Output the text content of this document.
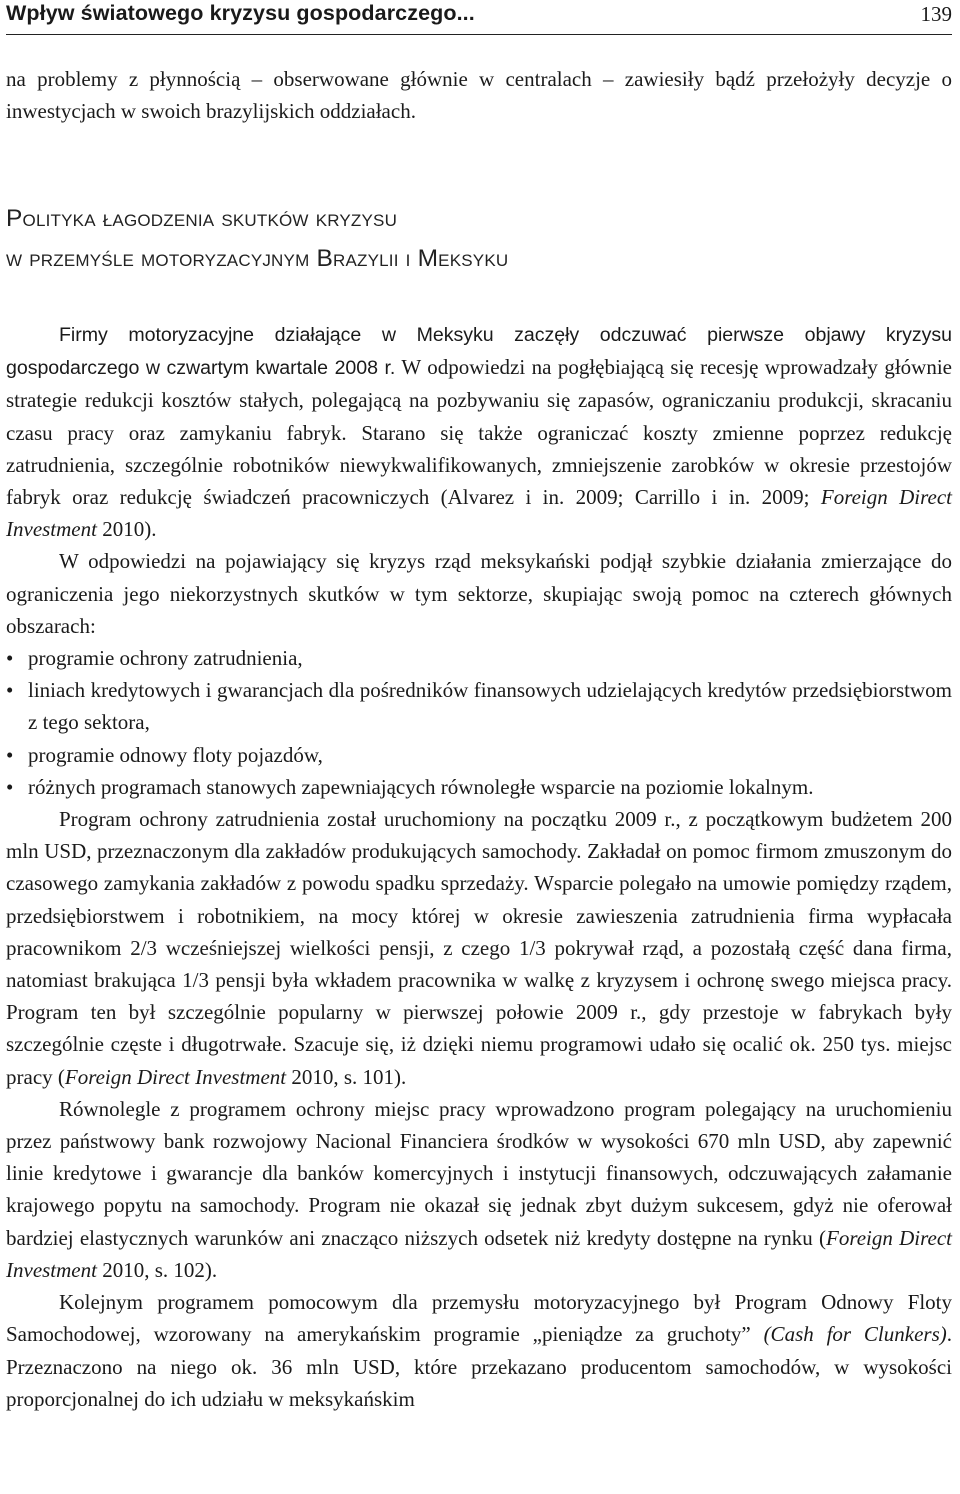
Wpływ światowego kryzysu gospodarczego...	139

na problemy z płynnością – obserwowane głównie w centralach – zawiesiły bądź przełożyły decyzje o inwestycjach w swoich brazylijskich oddziałach.

Polityka łagodzenia skutków kryzysu
w przemyśle motoryzacyjnym Brazylii i Meksyku

Firmy motoryzacyjne działające w Meksyku zaczęły odczuwać pierwsze objawy kryzysu gospodarczego w czwartym kwartale 2008 r. W odpowiedzi na pogłębiającą się recesję wprowadzały głównie strategie redukcji kosztów stałych, polegającą na pozbywaniu się zapasów, ograniczaniu produkcji, skracaniu czasu pracy oraz zamykaniu fabryk. Starano się także ograniczać koszty zmienne poprzez redukcję zatrudnienia, szczególnie robotników niewykwalifikowanych, zmniejszenie zarobków w okresie przestojów fabryk oraz redukcję świadczeń pracowniczych (Alvarez i in. 2009; Carrillo i in. 2009; Foreign Direct Investment 2010).

W odpowiedzi na pojawiający się kryzys rząd meksykański podjął szybkie działania zmierzające do ograniczenia jego niekorzystnych skutków w tym sektorze, skupiając swoją pomoc na czterech głównych obszarach:

• programie ochrony zatrudnienia,
• liniach kredytowych i gwarancjach dla pośredników finansowych udzielających kredytów przedsiębiorstwom z tego sektora,
• programie odnowy floty pojazdów,
• różnych programach stanowych zapewniających równoległe wsparcie na poziomie lokalnym.

Program ochrony zatrudnienia został uruchomiony na początku 2009 r., z początkowym budżetem 200 mln USD, przeznaczonym dla zakładów produkujących samochody. Zakładał on pomoc firmom zmuszonym do czasowego zamykania zakładów z powodu spadku sprzedaży. Wsparcie polegało na umowie pomiędzy rządem, przedsiębiorstwem i robotnikiem, na mocy której w okresie zawieszenia zatrudnienia firma wypłacała pracownikom 2/3 wcześniejszej wielkości pensji, z czego 1/3 pokrywał rząd, a pozostałą część dana firma, natomiast brakująca 1/3 pensji była wkładem pracownika w walkę z kryzysem i ochronę swego miejsca pracy. Program ten był szczególnie popularny w pierwszej połowie 2009 r., gdy przestoje w fabrykach były szczególnie częste i długotrwałe. Szacuje się, iż dzięki niemu programowi udało się ocalić ok. 250 tys. miejsc pracy (Foreign Direct Investment 2010, s. 101).

Równolegle z programem ochrony miejsc pracy wprowadzono program polegający na uruchomieniu przez państwowy bank rozwojowy Nacional Financiera środków w wysokości 670 mln USD, aby zapewnić linie kredytowe i gwarancje dla banków komercyjnych i instytucji finansowych, odczuwających załamanie krajowego popytu na samochody. Program nie okazał się jednak zbyt dużym sukcesem, gdyż nie oferował bardziej elastycznych warunków ani znacząco niższych odsetek niż kredyty dostępne na rynku (Foreign Direct Investment 2010, s. 102).

Kolejnym programem pomocowym dla przemysłu motoryzacyjnego był Program Odnowy Floty Samochodowej, wzorowany na amerykańskim programie „pieniądze za gruchoty” (Cash for Clunkers). Przeznaczono na niego ok. 36 mln USD, które przekazano producentom samochodów, w wysokości proporcjonalnej do ich udziału w meksykańskim
